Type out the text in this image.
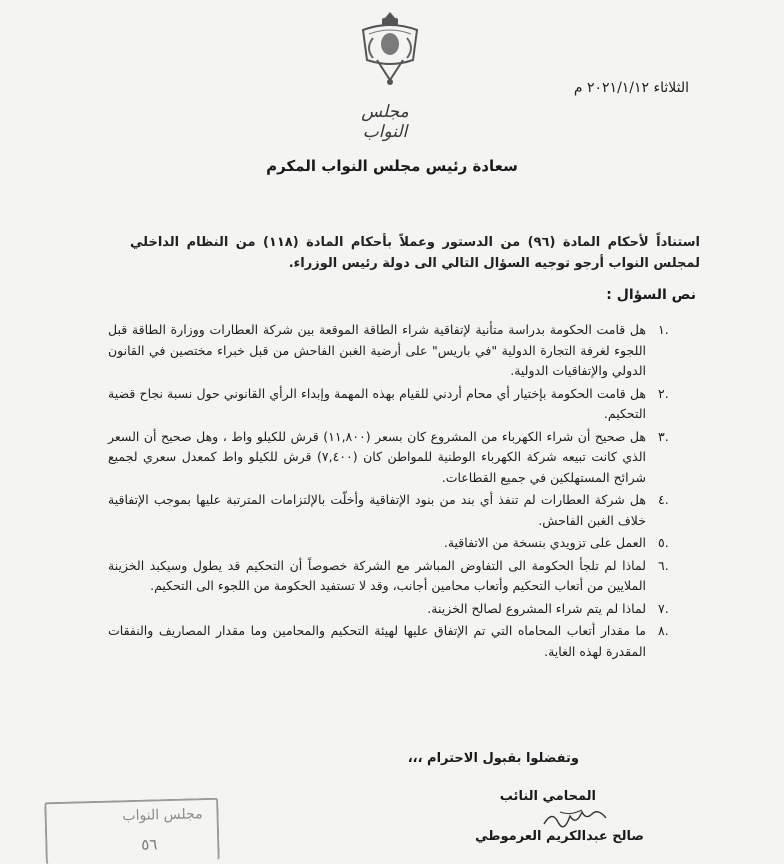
الثلاثاء ٢٠٢١/١/١٢ م
مجلس النواب
سعادة رئيس مجلس النواب المكرم
استناداً لأحكام المادة (٩٦) من الدستور وعملاً بأحكام المادة (١١٨) من النظام الداخلي لمجلس النواب أرجو توجيه السؤال التالي الى دولة رئيس الوزراء.
نص السؤال :
.١
هل قامت الحكومة بدراسة متأنية لإتفاقية شراء الطاقة الموقعة بين شركة العطارات ووزارة الطاقة قبل اللجوء لغرفة التجارة الدولية "في باريس" على أرضية الغبن الفاحش من قبل خبراء مختصين في القانون الدولي والإتفاقيات الدولية.
.٢
هل قامت الحكومة بإختيار أي محام أردني للقيام بهذه المهمة وإبداء الرأي القانوني حول نسبة نجاح قضية التحكيم.
.٣
هل صحيح أن شراء الكهرباء من المشروع كان بسعر (١١,٨٠٠) قرش للكيلو واط ، وهل صحيح أن السعر الذي كانت تبيعه شركة الكهرباء الوطنية للمواطن كان (٧,٤٠٠) قرش للكيلو واط كمعدل سعري لجميع شرائح المستهلكين في جميع القطاعات.
.٤
هل شركة العطارات لم تنفذ أي بند من بنود الإتفاقية وأخلّت بالإلتزامات المترتبة عليها بموجب الإتفاقية خلاف الغبن الفاحش.
.٥
العمل على تزويدي بنسخة من الاتفاقية.
.٦
لماذا لم تلجأ الحكومة الى التفاوض المباشر مع الشركة خصوصاً أن التحكيم قد يطول وسيكبد الخزينة الملايين من أتعاب التحكيم وأتعاب محامين أجانب، وقد لا تستفيد الحكومة من اللجوء الى التحكيم.
.٧
لماذا لم يتم شراء المشروع لصالح الخزينة.
.٨
ما مقدار أتعاب المحاماه التي تم الإتفاق عليها لهيئة التحكيم والمحامين وما مقدار المصاريف والنفقات المقدرة لهذه الغاية.
وتفضلوا بقبول الاحترام ،،،
المحامي النائب
صالح عبدالكريم العرموطي
مجلس النواب
٥٦
